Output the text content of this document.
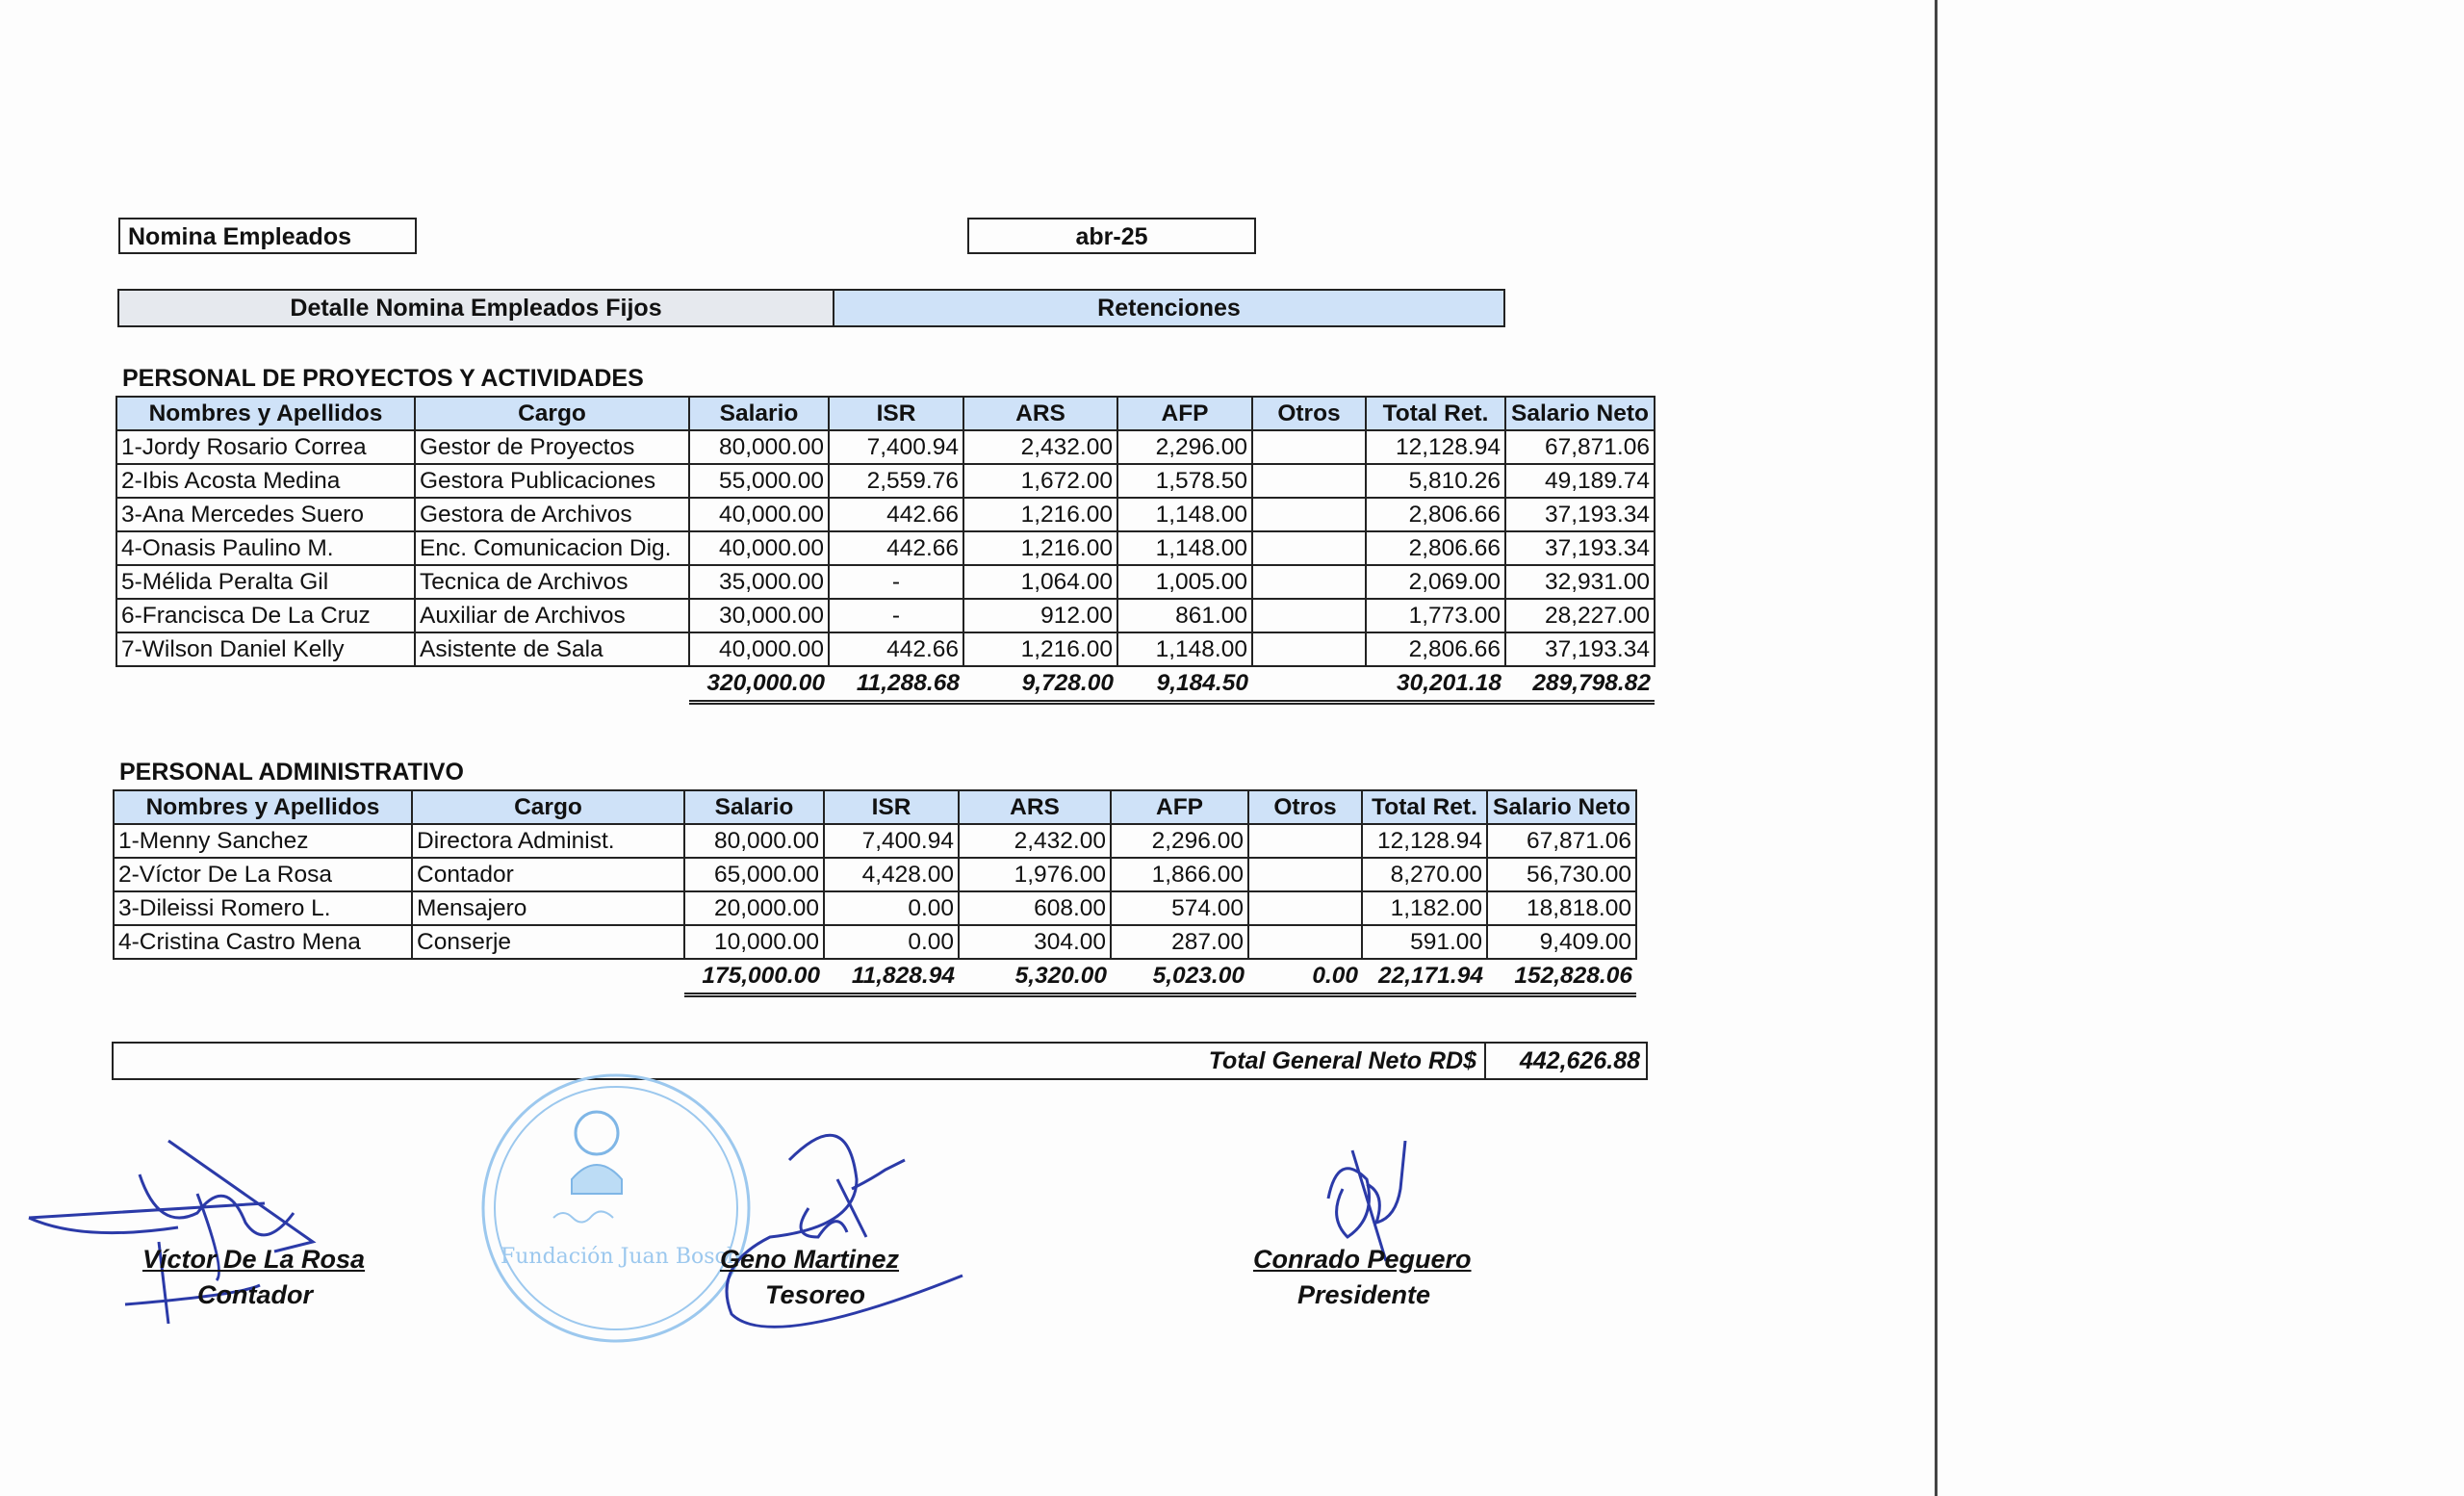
Nomina Empleados	abr-25
Detalle Nomina Empleados Fijos	Retenciones
PERSONAL DE PROYECTOS Y ACTIVIDADES
Nombres y Apellidos	Cargo	Salario	ISR	ARS	AFP	Otros	Total Ret.	Salario Neto
1-Jordy Rosario Correa	Gestor de Proyectos	80,000.00	7,400.94	2,432.00	2,296.00		12,128.94	67,871.06
2-Ibis Acosta Medina	Gestora Publicaciones	55,000.00	2,559.76	1,672.00	1,578.50		5,810.26	49,189.74
3-Ana Mercedes Suero	Gestora de Archivos	40,000.00	442.66	1,216.00	1,148.00		2,806.66	37,193.34
4-Onasis Paulino M.	Enc. Comunicacion Dig.	40,000.00	442.66	1,216.00	1,148.00		2,806.66	37,193.34
5-Mélida Peralta Gil	Tecnica de Archivos	35,000.00	-	1,064.00	1,005.00		2,069.00	32,931.00
6-Francisca De La Cruz	Auxiliar de Archivos	30,000.00	-	912.00	861.00		1,773.00	28,227.00
7-Wilson Daniel Kelly	Asistente de Sala	40,000.00	442.66	1,216.00	1,148.00		2,806.66	37,193.34
		320,000.00	11,288.68	9,728.00	9,184.50		30,201.18	289,798.82
PERSONAL ADMINISTRATIVO
Nombres y Apellidos	Cargo	Salario	ISR	ARS	AFP	Otros	Total Ret.	Salario Neto
1-Menny Sanchez	Directora Administ.	80,000.00	7,400.94	2,432.00	2,296.00		12,128.94	67,871.06
2-Víctor De La Rosa	Contador	65,000.00	4,428.00	1,976.00	1,866.00		8,270.00	56,730.00
3-Dileissi Romero L.	Mensajero	20,000.00	0.00	608.00	574.00		1,182.00	18,818.00
4-Cristina Castro Mena	Conserje	10,000.00	0.00	304.00	287.00		591.00	9,409.00
		175,000.00	11,828.94	5,320.00	5,023.00	0.00	22,171.94	152,828.06
Total General Neto RD$	442,626.88
Fundación Juan Bosch
Víctor De La Rosa
Contador
Geno Martinez
Tesoreo
Conrado Peguero
Presidente
